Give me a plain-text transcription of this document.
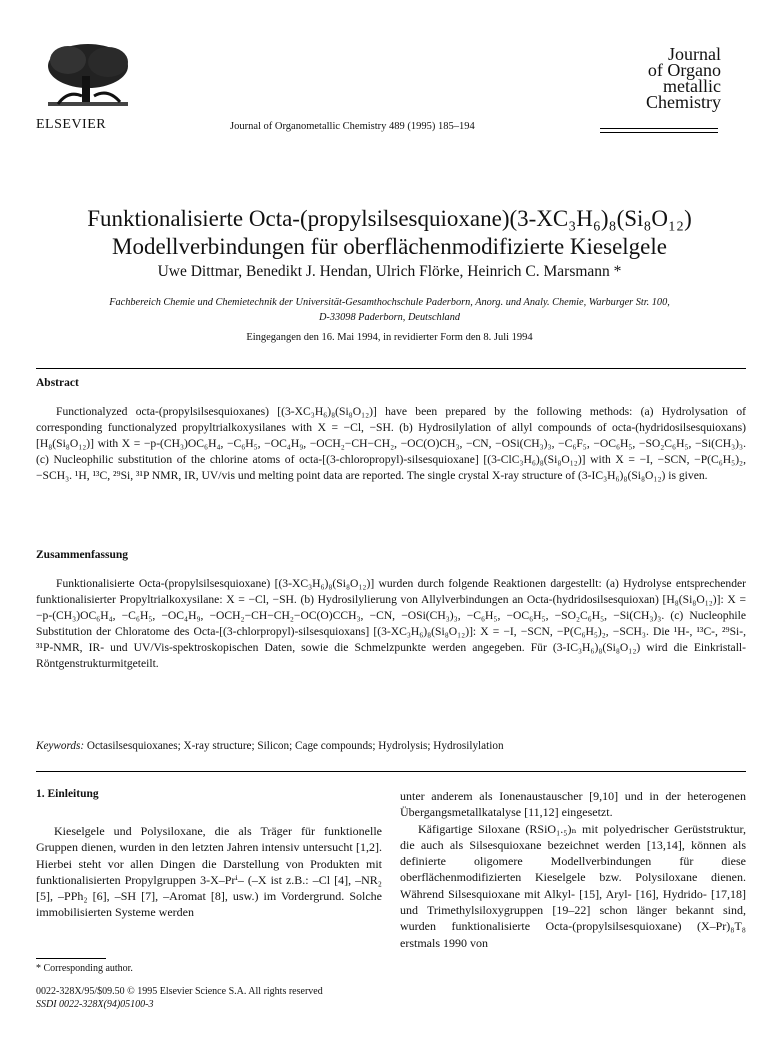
ELSEVIER	Journal of Organometallic Chemistry 489 (1995) 185–194
Journal
of Organo
metallic
Chemistry
Funktionalisierte Octa-(propylsilsesquioxane)(3-XC₃H₆)₈(Si₈O₁₂)
Modellverbindungen für oberflächenmodifizierte Kieselgele
Uwe Dittmar, Benedikt J. Hendan, Ulrich Flörke, Heinrich C. Marsmann *
Fachbereich Chemie und Chemietechnik der Universität-Gesamthochschule Paderborn, Anorg. und Analy. Chemie, Warburger Str. 100,
D-33098 Paderborn, Deutschland
Eingegangen den 16. Mai 1994, in revidierter Form den 8. Juli 1994
Abstract

Functionalyzed octa-(propylsilsesquioxanes) [(3-XC₃H₆)₈(Si₈O₁₂)] have been prepared by the following methods: (a) Hydrolysation of corresponding functionalyzed propyltrialkoxysilanes with X = −Cl, −SH. (b) Hydrosilylation of allyl compounds of octa-(hydridosilsesquioxans) [H₈(Si₈O₁₂)] with X = −p-(CH₃)OC₆H₄, −C₆H₅, −OC₄H₉, −OCH₂−CH−CH₂, −OC(O)CH₃, −CN, −OSi(CH₃)₃, −C₆F₅, −OC₆H₅, −SO₂C₆H₅, −Si(CH₃)₃. (c) Nucleophilic substitution of the chlorine atoms of octa-[(3-chloropropyl)-silsesquioxane] [(3-ClC₃H₆)₈(Si₈O₁₂)] with X = −I, −SCN, −P(C₆H₅)₂, −SCH₃. ¹H, ¹³C, ²⁹Si, ³¹P NMR, IR, UV/vis und melting point data are reported. The single crystal X-ray structure of (3-IC₃H₆)₈(Si₈O₁₂) is given.

Zusammenfassung

Funktionalisierte Octa-(propylsilsesquioxane) [(3-XC₃H₆)₈(Si₈O₁₂)] wurden durch folgende Reaktionen dargestellt: (a) Hydrolyse entsprechender funktionalisierter Propyltrialkoxysilane: X = −Cl, −SH. (b) Hydrosilylierung von Allylverbindungen an Octa-(hydridosilsesquioxan) [H₈(Si₈O₁₂)]: X = −p-(CH₃)OC₆H₄, −C₆H₅, −OC₄H₉, −OCH₂−CH−CH₂−OC(O)CCH₃, −CN, −OSi(CH₃)₃, −C₆H₅, −OC₆H₅, −SO₂C₆H₅, −Si(CH₃)₃. (c) Nucleophile Substitution der Chloratome des Octa-[(3-chlorpropyl)-silsesquioxans] [(3-XC₃H₆)₈(Si₈O₁₂)]: X = −I, −SCN, −P(C₆H₅)₂, −SCH₃. Die ¹H-, ¹³C-, ²⁹Si-, ³¹P-NMR, IR- und UV/Vis-spektroskopischen Daten, sowie die Schmelzpunkte werden angegeben. Für (3-IC₃H₆)₈(Si₈O₁₂) wird die Einkristall-Röntgenstrukturmitgeteilt.

Keywords: Octasilsesquioxanes; X-ray structure; Silicon; Cage compounds; Hydrolysis; Hydrosilylation
1. Einleitung

Kieselgele und Polysiloxane, die als Träger für funktionelle Gruppen dienen, wurden in den letzten Jahren intensiv untersucht [1,2]. Hierbei steht vor allen Dingen die Darstellung von Produkten mit funktionalisierten Propylgruppen 3-X–Prⁱ– (–X ist z.B.: –Cl [4], –NR₂ [5], –PPh₂ [6], –SH [7], –Aromat [8], usw.) im Vordergrund. Solche immobilisierten Systeme werden

unter anderem als Ionenaustauscher [9,10] und in der heterogenen Übergangsmetallkatalyse [11,12] eingesetzt.

Käfigartige Siloxane (RSiO₁.₅)ₙ mit polyedrischer Gerüststruktur, die auch als Silsesquioxane bezeichnet werden [13,14], können als definierte oligomere Modellverbindungen für diese oberflächenmodifizierten Kieselgele bzw. Polysiloxane dienen. Während Silsesquioxane mit Alkyl- [15], Aryl- [16], Hydrido- [17,18] und Trimethylsiloxygruppen [19–22] schon länger bekannt sind, wurden funktionalisierte Octa-(propylsilsesquioxane) (X–Pr)₈T₈ erstmals 1990 von

* Corresponding author.
0022-328X/95/$09.50 © 1995 Elsevier Science S.A. All rights reserved
SSDI 0022-328X(94)05100-3
